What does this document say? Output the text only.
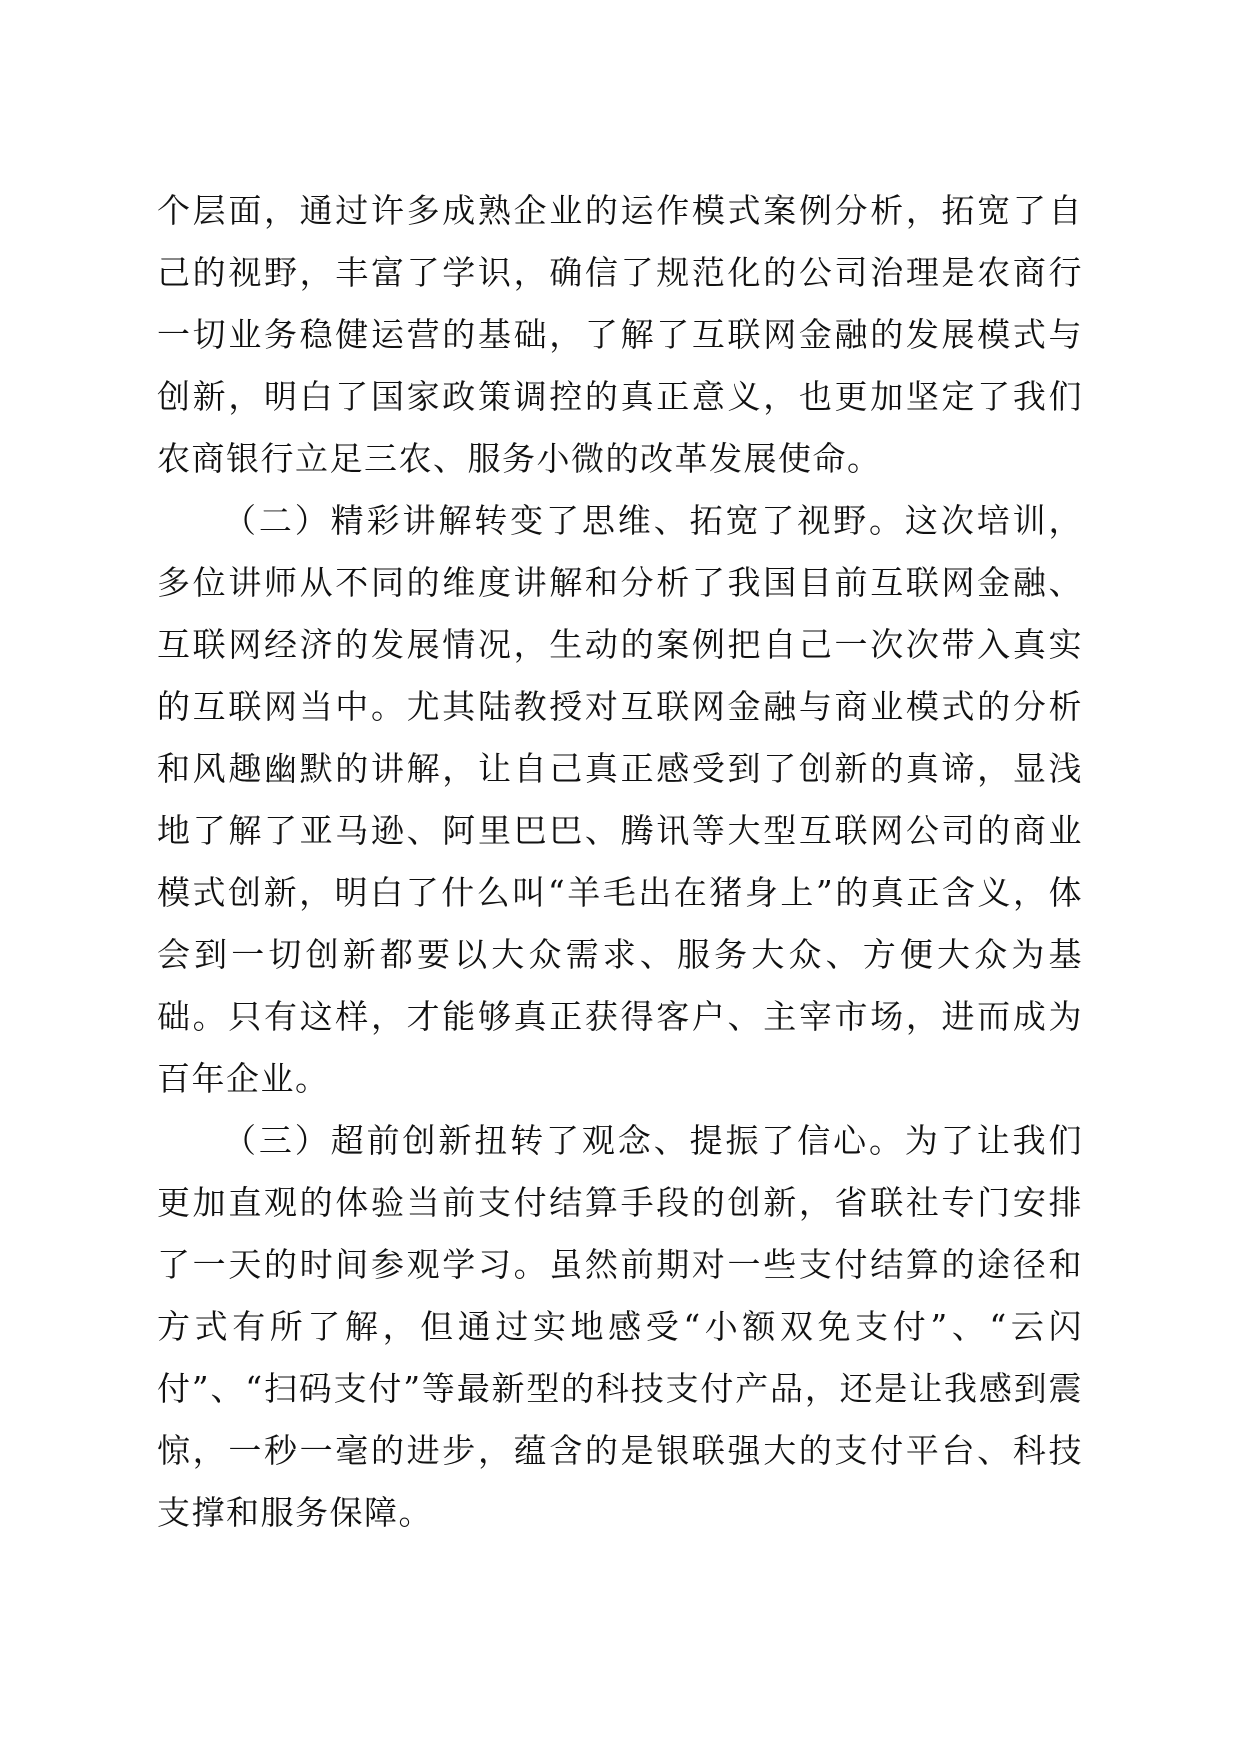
个层面，通过许多成熟企业的运作模式案例分析，拓宽了自己的视野，丰富了学识，确信了规范化的公司治理是农商行一切业务稳健运营的基础，了解了互联网金融的发展模式与创新，明白了国家政策调控的真正意义，也更加坚定了我们农商银行立足三农、服务小微的改革发展使命。

（二）精彩讲解转变了思维、拓宽了视野。这次培训，多位讲师从不同的维度讲解和分析了我国目前互联网金融、互联网经济的发展情况，生动的案例把自己一次次带入真实的互联网当中。尤其陆教授对互联网金融与商业模式的分析和风趣幽默的讲解，让自己真正感受到了创新的真谛，显浅地了解了亚马逊、阿里巴巴、腾讯等大型互联网公司的商业模式创新，明白了什么叫“羊毛出在猪身上”的真正含义，体会到一切创新都要以大众需求、服务大众、方便大众为基础。只有这样，才能够真正获得客户、主宰市场，进而成为百年企业。

（三）超前创新扭转了观念、提振了信心。为了让我们更加直观的体验当前支付结算手段的创新，省联社专门安排了一天的时间参观学习。虽然前期对一些支付结算的途径和方式有所了解，但通过实地感受“小额双免支付”、“云闪付”、“扫码支付”等最新型的科技支付产品，还是让我感到震惊，一秒一毫的进步，蕴含的是银联强大的支付平台、科技支撑和服务保障。
